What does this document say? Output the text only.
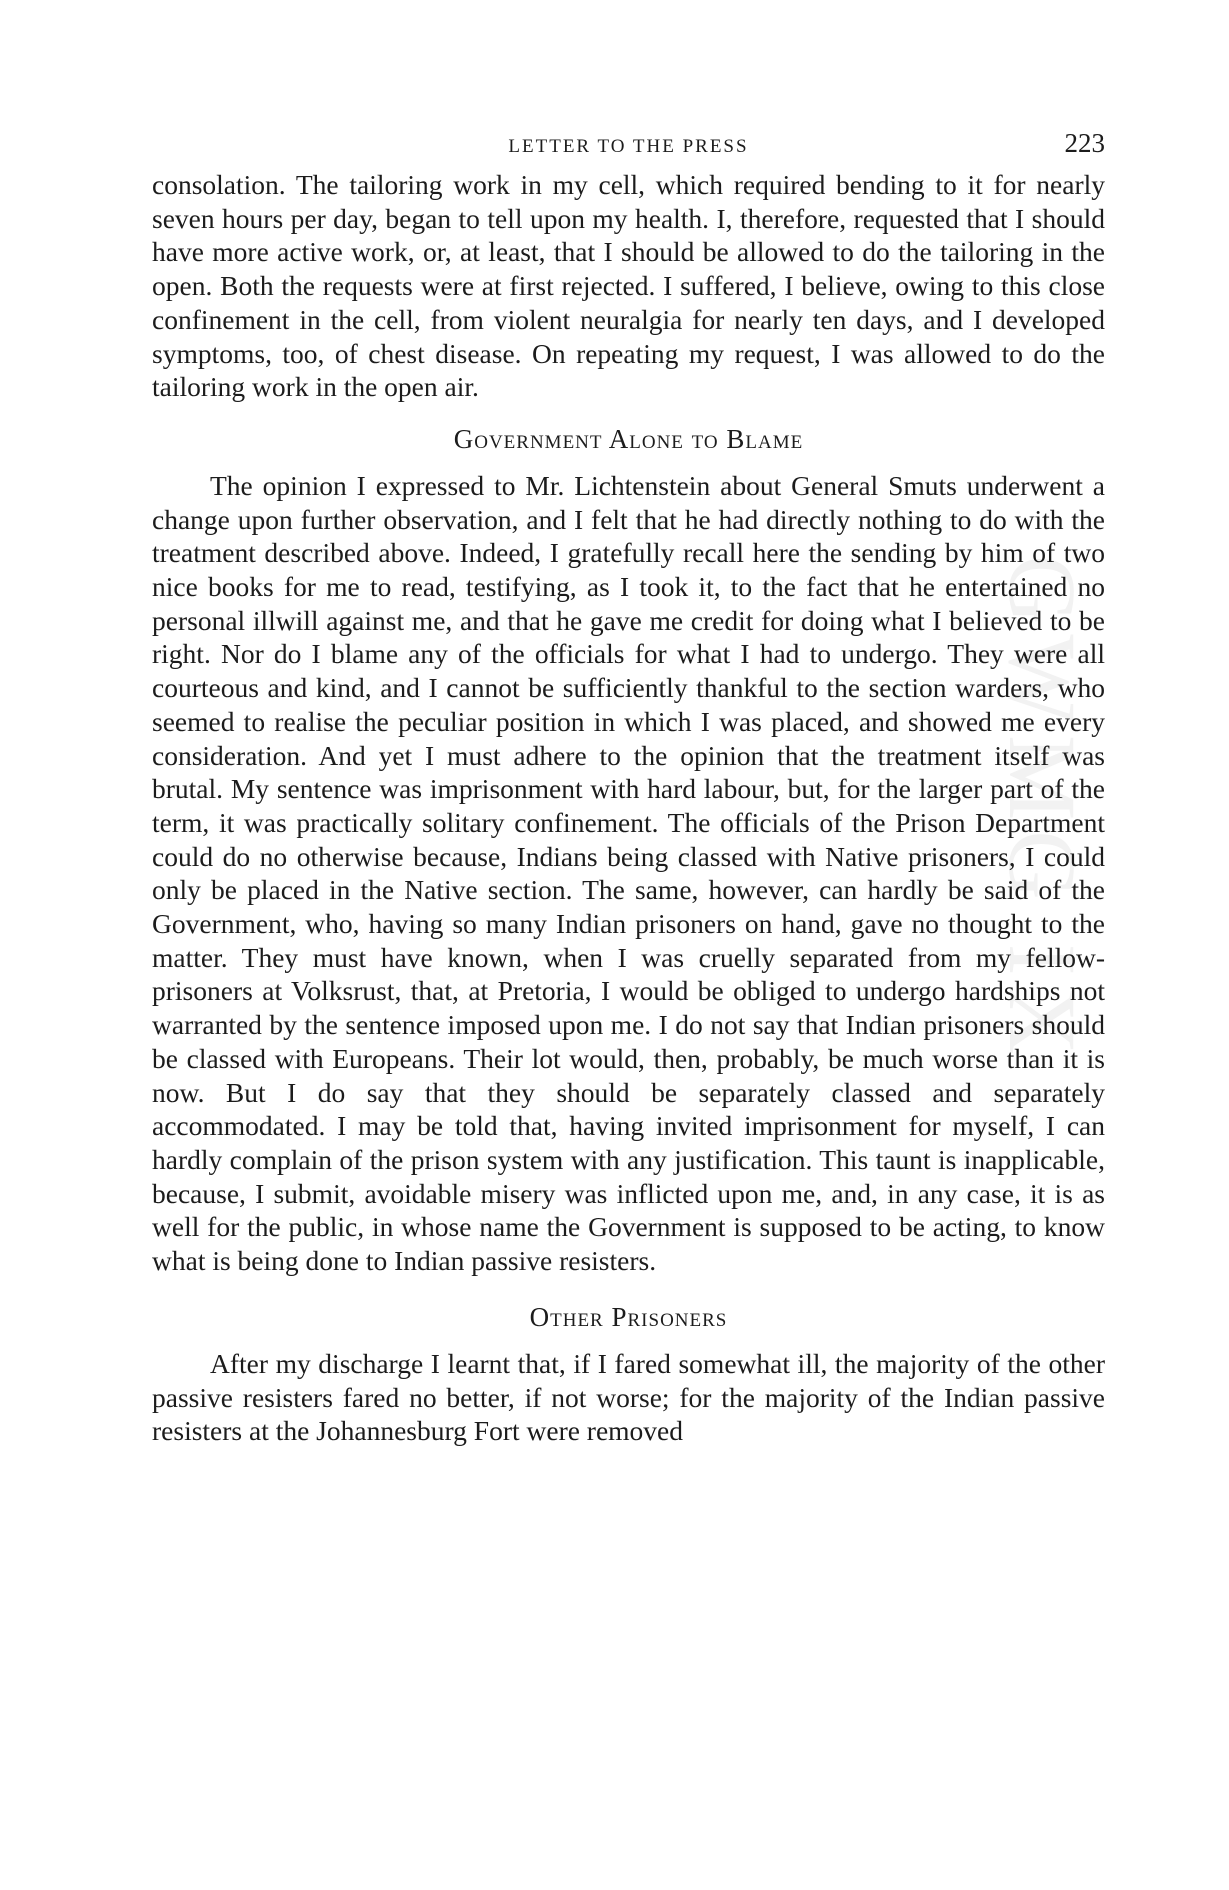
GWMG IX
LETTER TO THE PRESS	223

consolation. The tailoring work in my cell, which required bending to it for nearly seven hours per day, began to tell upon my health. I, therefore, requested that I should have more active work, or, at least, that I should be allowed to do the tailoring in the open. Both the requests were at first rejected. I suffered, I believe, owing to this close confinement in the cell, from violent neuralgia for nearly ten days, and I developed symptoms, too, of chest disease. On repeating my request, I was allowed to do the tailoring work in the open air.

Government Alone to Blame

The opinion I expressed to Mr. Lichtenstein about General Smuts underwent a change upon further observation, and I felt that he had directly nothing to do with the treatment described above. Indeed, I gratefully recall here the sending by him of two nice books for me to read, testifying, as I took it, to the fact that he entertained no personal illwill against me, and that he gave me credit for doing what I believed to be right. Nor do I blame any of the officials for what I had to undergo. They were all courteous and kind, and I cannot be sufficiently thankful to the section warders, who seemed to realise the peculiar position in which I was placed, and showed me every consideration. And yet I must adhere to the opinion that the treatment itself was brutal. My sentence was imprisonment with hard labour, but, for the larger part of the term, it was practically solitary confinement. The officials of the Prison Department could do no otherwise because, Indians being classed with Native prisoners, I could only be placed in the Native section. The same, however, can hardly be said of the Government, who, having so many Indian prisoners on hand, gave no thought to the matter. They must have known, when I was cruelly separated from my fellow-prisoners at Volksrust, that, at Pretoria, I would be obliged to undergo hardships not warranted by the sentence imposed upon me. I do not say that Indian prisoners should be classed with Europeans. Their lot would, then, probably, be much worse than it is now. But I do say that they should be separately classed and separately accommodated. I may be told that, having invited imprisonment for myself, I can hardly complain of the prison system with any justification. This taunt is inapplicable, because, I submit, avoidable misery was inflicted upon me, and, in any case, it is as well for the public, in whose name the Government is supposed to be acting, to know what is being done to Indian passive resisters.

Other Prisoners

After my discharge I learnt that, if I fared somewhat ill, the majority of the other passive resisters fared no better, if not worse; for the majority of the Indian passive resisters at the Johannesburg Fort were removed
